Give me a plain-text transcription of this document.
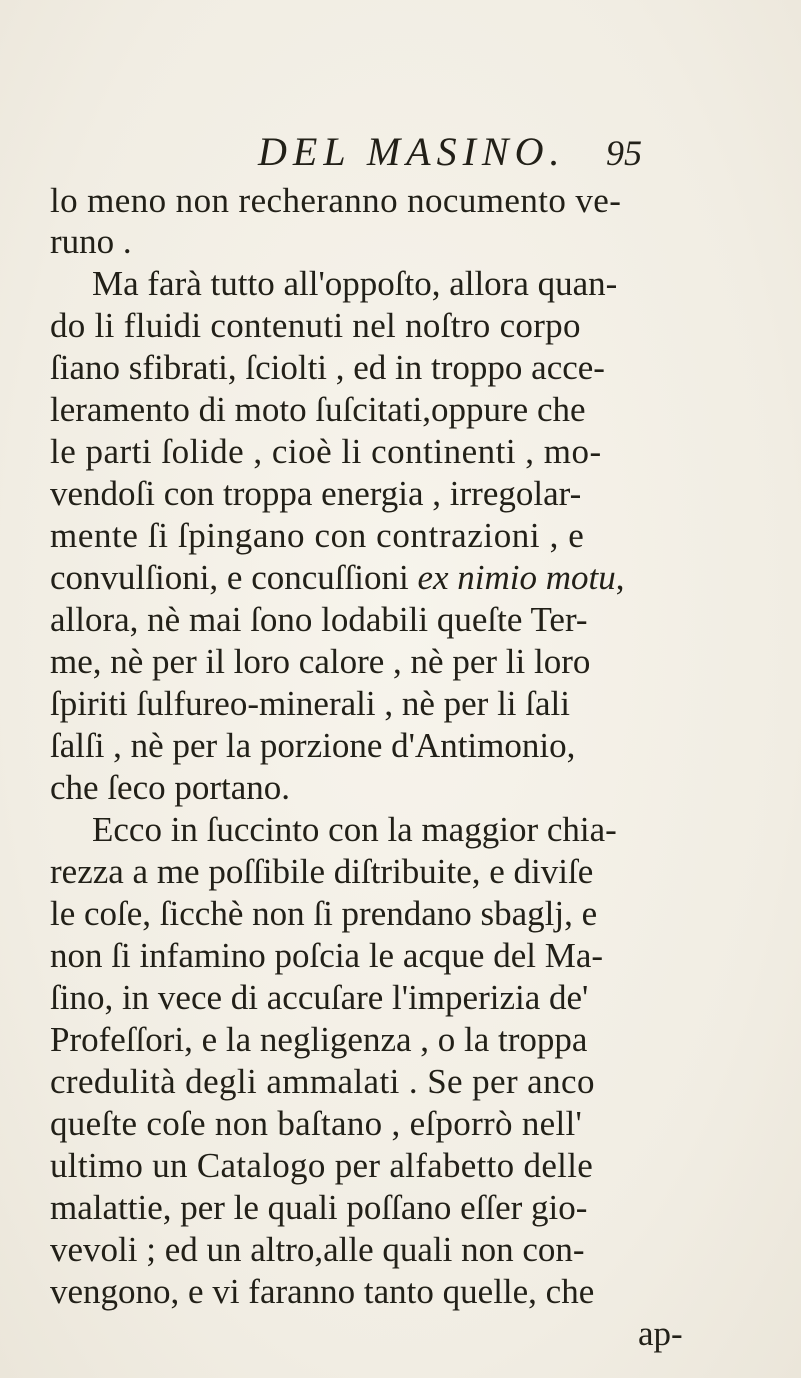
DEL MASINO. 95
lo meno non recheranno nocumento ve-
runo .
Ma farà tutto all'oppoſto, allora quan-
do li fluidi contenuti nel noſtro corpo
ſiano sfibrati, ſciolti , ed in troppo acce-
leramento di moto ſuſcitati,oppure che
le parti ſolide , cioè li continenti , mo-
vendoſi con troppa energia , irregolar-
mente ſi ſpingano con contrazioni , e
convulſioni, e concuſſioni ex nimio motu,
allora, nè mai ſono lodabili queſte Ter-
me, nè per il loro calore , nè per li loro
ſpiriti ſulfureo-minerali , nè per li ſali
ſalſi , nè per la porzione d'Antimonio,
che ſeco portano.
Ecco in ſuccinto con la maggior chia-
rezza a me poſſibile diſtribuite, e diviſe
le coſe, ſicchè non ſi prendano sbaglj, e
non ſi infamino poſcia le acque del Ma-
ſino, in vece di accuſare l'imperizia de'
Profeſſori, e la negligenza , o la troppa
credulità degli ammalati . Se per anco
queſte coſe non baſtano , eſporrò nell'
ultimo un Catalogo per alfabetto delle
malattie, per le quali poſſano eſſer gio-
vevoli ; ed un altro,alle quali non con-
vengono, e vi faranno tanto quelle, che
ap-
